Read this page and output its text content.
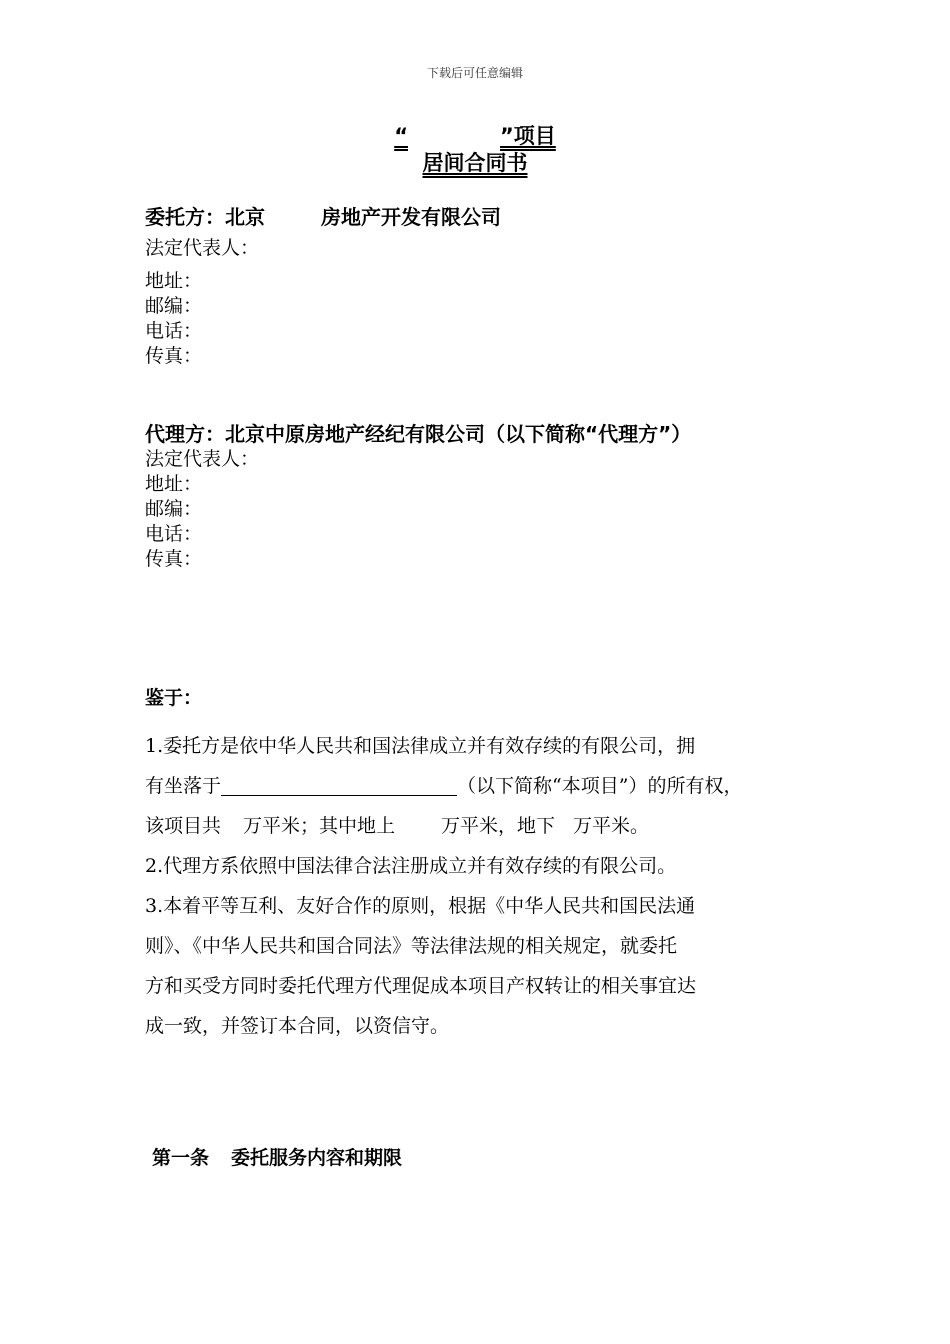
下载后可任意编辑
“	”项目
居间合同书
委托方：北京	房地产开发有限公司
法定代表人：
地址：
邮编：
电话：
传真：
代理方：北京中原房地产经纪有限公司（以下简称“代理方”）
法定代表人：
地址：
邮编：
电话：
传真：
鉴于：
1.委托方是依中华人民共和国法律成立并有效存续的有限公司，拥
有坐落于	（以下简称“本项目”）的所有权，
该项目共 万平米；其中地上 万平米，地下 万平米。
2.代理方系依照中国法律合法注册成立并有效存续的有限公司。
3.本着平等互利、友好合作的原则，根据《中华人民共和国民法通
则》、《中华人民共和国合同法》等法律法规的相关规定，就委托
方和买受方同时委托代理方代理促成本项目产权转让的相关事宜达
成一致，并签订本合同，以资信守。
第一条 委托服务内容和期限
